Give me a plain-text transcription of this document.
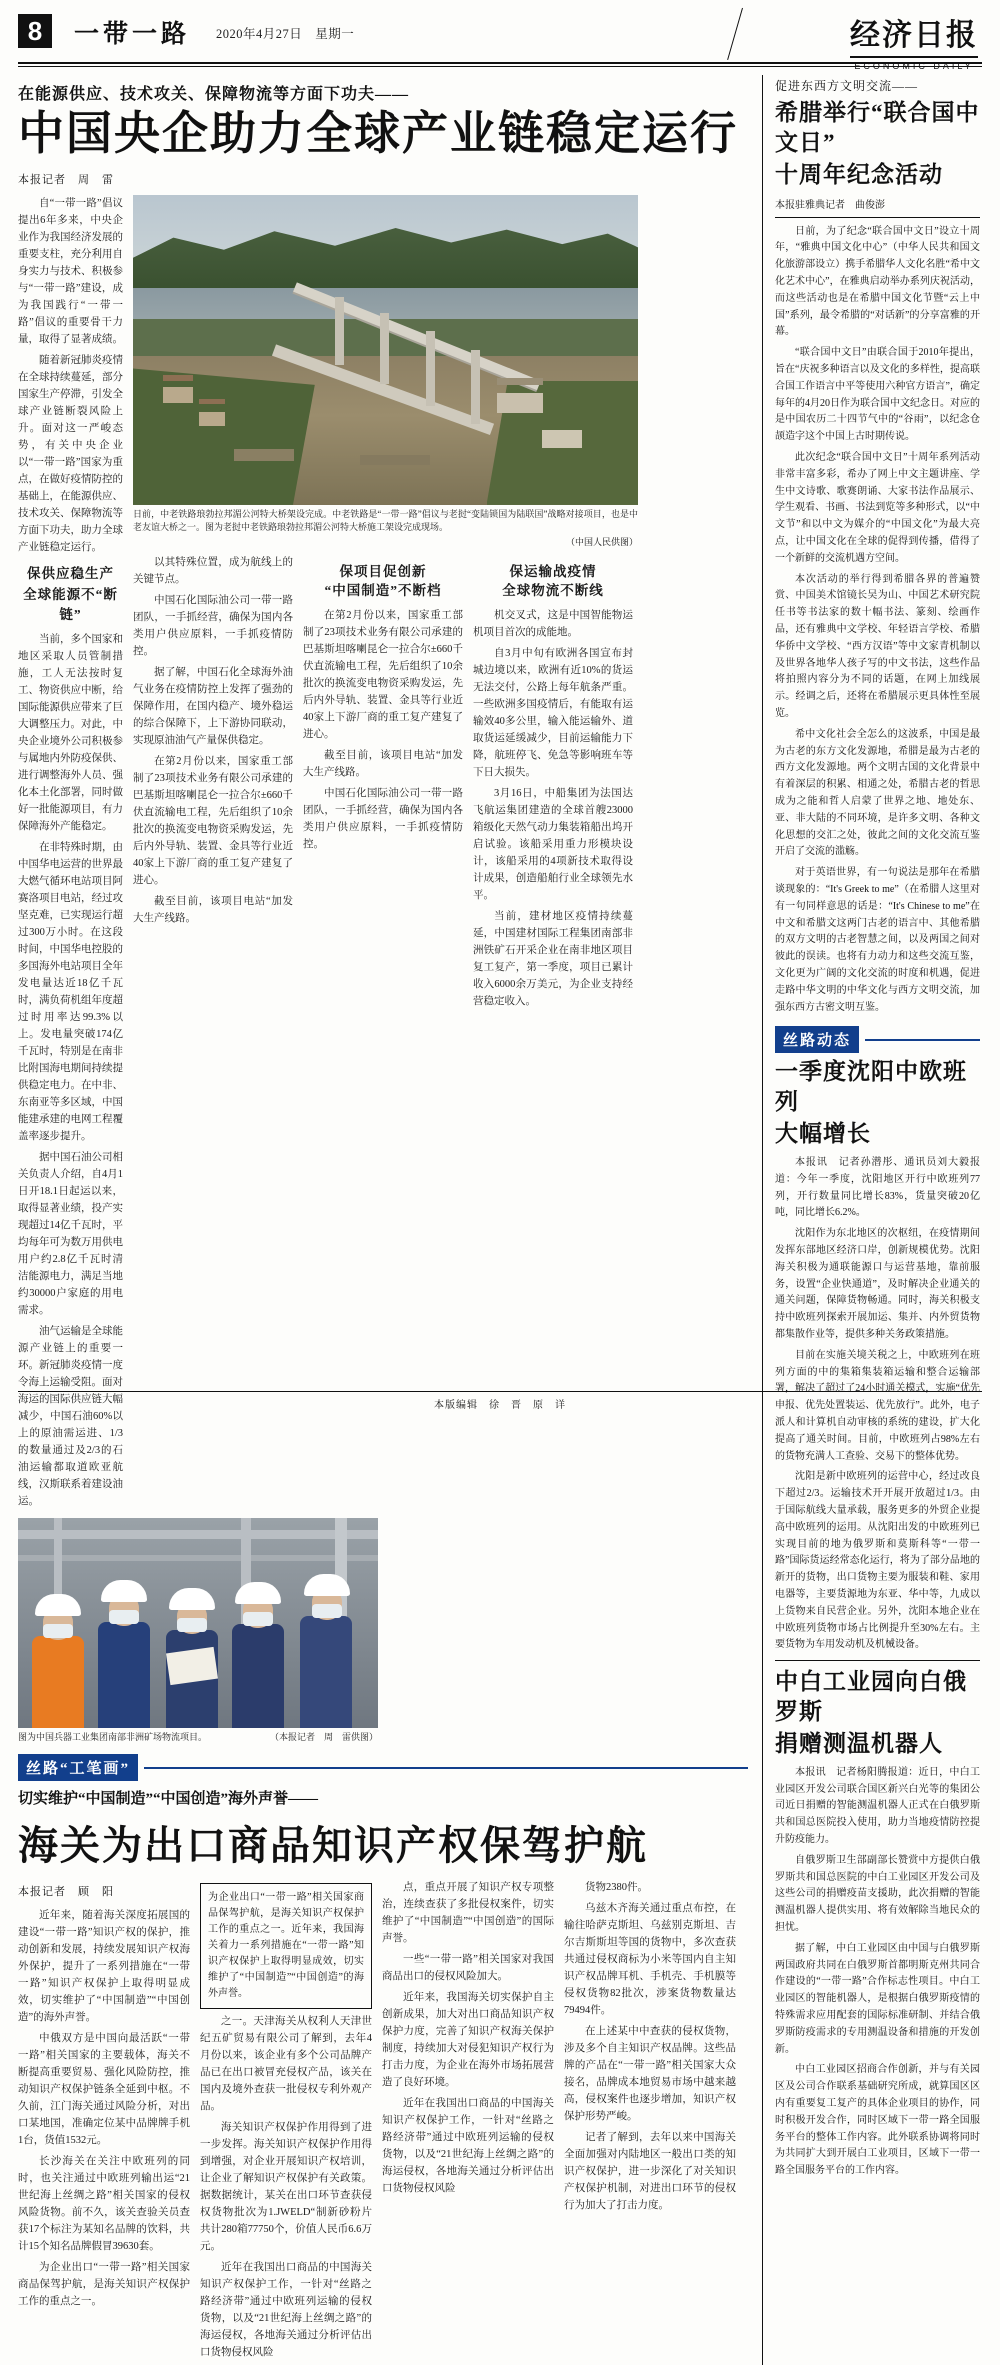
8	一带一路 2020年4月27日　星期一	经济日报
ECONOMIC DAILY
在能源供应、技术攻关、保障物流等方面下功夫——
中国央企助力全球产业链稳定运行
本报记者　周　雷

自“一带一路”倡议提出6年多来，中央企业作为我国经济发展的重要支柱，充分利用自身实力与技术、积极参与“一带一路”建设，成为我国践行“一带一路”倡议的重要骨干力量，取得了显著成绩。

随着新冠肺炎疫情在全球持续蔓延，部分国家生产停滞，引发全球产业链断裂风险上升。面对这一严峻态势，有关中央企业以“一带一路”国家为重点，在做好疫情防控的基础上，在能源供应、技术攻关、保障物流等方面下功夫，助力全球产业链稳定运行。

保供应稳生产
全球能源不“断链”

当前，多个国家和地区采取人员管制措施，工人无法按时复工、物资供应中断，给国际能源供应带来了巨大调整压力。对此，中央企业境外公司积极参与属地内外防疫保供、进行调整海外人员、强化本土化部署，同时做好一批能源项目，有力保障海外产能稳定。

在非特殊时期，由中国华电运营的世界最大燃气循环电站项目阿赛洛项目电站，经过攻坚克难，已实现运行超过300万小时。在这段时间，中国华电控股的多国海外电站项目全年发电量达近18亿千瓦时，满负荷机组年度超过时用率达99.3%以上。发电量突破174亿千瓦时，特别是在南非比附国海电期间持续提供稳定电力。在中非、东南亚等多区域，中国能建承建的电网工程覆盖率逐步提升。

据中国石油公司相关负责人介绍，自4月1日开18.1日起运以来，取得显著业绩，投产实现超过14亿千瓦时，平均每年可为数万用供电用户约2.8亿千瓦时清洁能源电力，满足当地约30000户家庭的用电需求。

油气运输是全球能源产业链上的重要一环。新冠肺炎疫情一度令海上运输受阻。面对海运的国际供应链大幅减少，中国石油60%以上的原油需运进、1/3的数量通过及2/3的石油运输都取道欧亚航线，汉斯联系着建设油运。

日前，中老铁路琅勃拉邦湄公河特大桥架设完成。中老铁路是“一带一路”倡议与老挝“变陆锁国为陆联国”战略对接项目，也是中老友谊大桥之一。图为老挝中老铁路琅勃拉邦湄公河特大桥施工架设完成现场。
（中国人民供图）

以其特殊位置，成为航线上的关键节点。

中国石化国际油公司一带一路团队，一手抓经营，确保为国内各类用户供应原料，一手抓疫情防控。

据了解，中国石化全球海外油气业务在疫情防控上发挥了强劲的保障作用，在国内稳产、境外稳运的综合保障下，上下游协同联动，实现原油油气产量保供稳定。

在第2月份以来，国家重工部制了23项技术业务有限公司承建的巴基斯坦喀喇昆仑一拉合尔±660千伏直流输电工程，先后组织了10余批次的换流变电物资采购发运，先后内外导轨、装置、金具等行业近40家上下游厂商的重工复产建复了进心。

截至目前，该项目电站“加发大生产线路。

保项目促创新
“中国制造”不断档

在第2月份以来，国家重工部制了23项技术业务有限公司承建的巴基斯坦喀喇昆仑一拉合尔±660千伏直流输电工程，先后组织了10余批次的换流变电物资采购发运，先后内外导轨、装置、金具等行业近40家上下游厂商的重工复产建复了进心。

截至目前，该项目电站“加发大生产线路。

中国石化国际油公司一带一路团队，一手抓经营，确保为国内各类用户供应原料，一手抓疫情防控。

保运输战疫情
全球物流不断线

机交叉式，这是中国智能物运机项目首次的成能地。

自3月中旬有欧洲各国宣布封城边境以来，欧洲有近10%的货运无法交付，公路上每年航条严重。一些欧洲多国疫情后，有能取有运输效40多公里，输入能运输外、道取货运延缓减少，目前运输能力下降，航班停飞、免急等影响班车等下日大损失。

3月16日，中船集团为法国达飞航运集团建造的全球首艘23000箱级化天然气动力集装箱船出坞开启试验。该船采用重力形模块设计，该船采用的4项新技术取得设计成果，创造船舶行业全球领先水平。

当前，建材地区疫情持续蔓延，中国建材国际工程集团南部非洲铁矿石开采企业在南非地区项目复工复产，第一季度，项目已累计收入6000余万美元，为企业支持经营稳定收入。

图为中国兵器工业集团南部非洲矿场物流项目。	（本报记者　周　雷供图）
丝路“工笔画”
切实维护“中国制造”“中国创造”海外声誉——
海关为出口商品知识产权保驾护航
本报记者　顾　阳

近年来，随着海关深度拓展国的建设“一带一路”知识产权的保护，推动创新和发展，持续发展知识产权海外保护，提升了一系列措施在“一带一路”知识产权保护上取得明显成效，切实维护了“中国制造”“中国创造”的海外声誉。

中俄双方是中国向最活跃“一带一路”相关国家的主要载体，海关不断提高重要贸易、强化风险防控，推动知识产权保护链条全延到中枢。不久前，江门海关通过风险分析，对出口某地国，准确定位某中品牌牌手机1台，货值1532元。

长沙海关在关注中欧班列的同时，也关注通过中欧班列输出运“21世纪海上丝绸之路”相关国家的侵权风险货物。前不久，该关查验关员查获17个标注为某知名品牌的饮料，共计15个知名品牌假冒39630套。

为企业出口“一带一路”相关国家商品保驾护航，是海关知识产权保护工作的重点之一。

为企业出口“一带一路”相关国家商品保驾护航，是海关知识产权保护工作的重点之一。近年来，我国海关着力一系列措施在“一带一路”知识产权保护上取得明显成效，切实维护了“中国制造”“中国创造”的海外声誉。

之一。天津海关从权利人天津世纪五矿贸易有限公司了解到，去年4月份以来，该企业有多个公司品牌产品已在出口被冒充侵权产品，该关在国内及境外查获一批侵权专利外观产品。

海关知识产权保护作用得到了进一步发挥。海关知识产权保护作用得到增强，对企业开展知识产权培训，让企业了解知识产权保护有关政策。据数据统计，某关在出口环节查获侵权货物批次为1.JWELD“制新砂粉片共计280箱77750个，价值人民币6.6万元。

近年在我国出口商品的中国海关知识产权保护工作，一针对“丝路之路经济带”通过中欧班列运输的侵权货物，以及“21世纪海上丝绸之路”的海运侵权，各地海关通过分析评估出口货物侵权风险

点，重点开展了知识产权专项整治，连续查获了多批侵权案件，切实维护了“中国制造”“中国创造”的国际声誉。

一些“一带一路”相关国家对我国商品出口的侵权风险加大。

近年来，我国海关切实保护自主创新成果，加大对出口商品知识产权保护力度，完善了知识产权海关保护制度，持续加大对侵犯知识产权行为打击力度，为企业在海外市场拓展营造了良好环境。

近年在我国出口商品的中国海关知识产权保护工作，一针对“丝路之路经济带”通过中欧班列运输的侵权货物，以及“21世纪海上丝绸之路”的海运侵权，各地海关通过分析评估出口货物侵权风险

货物2380件。

乌兹木齐海关通过重点布控，在输往哈萨克斯坦、乌兹别克斯坦、吉尔吉斯斯坦等国的货物中，多次查获共通过侵权商标为小米等国内自主知识产权品牌耳机、手机壳、手机膜等侵权货物82批次，涉案货物数量达79494件。

在上述某中中查获的侵权货物，涉及多个自主知识产权品牌。这些品牌的产品在“一带一路”相关国家大众接名，品牌成本地贸易市场中越来越高，侵权案件也逐步增加，知识产权保护形势严峻。

记者了解到，去年以来中国海关全面加强对内陆地区一般出口类的知识产权保护，进一步深化了对关知识产权保护机制，对进出口环节的侵权行为加大了打击力度。

促进东西方文明交流——
希腊举行“联合国中文日”
十周年纪念活动
本报驻雅典记者　曲俊澎

日前，为了纪念“联合国中文日”设立十周年，“雅典中国文化中心”（中华人民共和国文化旅游部设立）携手希腊华人文化名胜“希中文化艺术中心”，在雅典启动举办系列庆祝活动，而这些活动也是在希腊中国文化节暨“云上中国”系列，最令希腊的“对话新”的分享富雅的开幕。

“联合国中文日”由联合国于2010年提出，旨在“庆祝多种语言以及文化的多样性，提高联合国工作语言中平等使用六种官方语言”，确定每年的4月20日作为联合国中文纪念日。对应的是中国农历二十四节气中的“谷雨”，以纪念仓颉造字这个中国上古时期传说。

此次纪念“联合国中文日”十周年系列活动非常丰富多彩，希办了网上中文主题讲座、学生中文诗歌、歌赛朗诵、大家书法作品展示、学生观看、书画、书法到览等多种形式，以“中文节”和以中文为媒介的“中国文化”为最大亮点，让中国文化在全球的促得到传播，借得了一个新鲜的交流机遇方空间。

本次活动的举行得到希腊各界的普遍赞赏、中国美术馆镜长吴为山、中国艺术研究院任书等书法家的数十幅书法、篆刻、绘画作品，还有雅典中文学校、年轻语言学校、希腊华侨中文学校、“西方汉语”等中文家青机制以及世界各地华人孩子写的中文书法，这些作品将拍照内容分为不同的话题，在网上加线展示。经调之后，还将在希腊展示更具体性至展览。

希中文化社会全怎么的这波系，中国是最为古老的东方文化发源地，希腊是最为古老的西方文化发源地。两个文明古国的文化背景中有着深层的积累、相通之处，希腊古老的哲思成为之能和哲人启蒙了世界之地、地处东、亚、非大陆的不同环境，是许多文明、各种文化思想的交汇之处，彼此之间的文化交流互鉴开启了交流的滥觞。

对于英语世界，有一句说法是那年在希腊谈现象的：“It's Greek to me”（在希腊人这里对有一句同样意思的话是：“It's Chinese to me”在中文和希腊文这两门古老的语言中、其他希腊的双方文明的古老智慧之间，以及两国之间对彼此的误读。也将有力动力和这些交流互鉴，文化更为广阔的文化交流的时度和机遇，促进走路中华文明的中华文化与西方文明交流，加强东西方古密文明互鉴。

丝路动态
一季度沈阳中欧班列
大幅增长

本报讯　记者孙潜彤、通讯员刘大毅报道：今年一季度，沈阳地区开行中欧班列77列，开行数量同比增长83%，货量突破20亿吨，同比增长6.2%。

沈阳作为东北地区的次枢纽，在疫情期间发挥东部地区经济口岸，创新规模优势。沈阳海关积极为通联能源口与运营基地，靠前服务，设置“企业快通道”，及时解决企业通关的通关问题，保障货物畅通。同时，海关积极支持中欧班列探索开展加运、集并、内外贸货物都集散作业等，提供多种关务政策措施。

目前在实施关境关税之上，中欧班列在班列方面的中的集箱集装箱运输和整合运输部署，解决了超过了24小时通关模式，实施“优先申报、优先处置装运、优先放行”。此外，电子派人和计算机自动审核的系统的建设，扩大化提高了通关时间。目前，中欧班列占98%左右的货物充满人工查验、交易下的整体优势。

沈阳是新中欧班列的运营中心，经过改良下超过2/3。运输技术开开展开放超过1/3。由于国际航线大量承载，服务更多的外贸企业提高中欧班列的运用。从沈阳出发的中欧班列已实现目前的地为俄罗斯和莫斯科等“一带一路”国际货运经常态化运行，将为了部分品地的新开的货物，出口货物主要为服装和鞋、家用电器等，主要货源地为东亚、华中等，九成以上货物来自民营企业。另外，沈阳本地企业在中欧班列货物市场占比例提升至30%左右。主要货物为车用发动机及机械设备。

中白工业园向白俄罗斯
捐赠测温机器人

本报讯　记者杨阳腾报道：近日，中白工业园区开发公司联合国区新兴白光等的集团公司近日捐赠的智能测温机器人正式在白俄罗斯共和国总医院投入使用，助力当地疫情防控提升防疫能力。

自俄罗斯卫生部副部长赞赏中方提供白俄罗斯共和国总医院的中白工业园区开发公司及这些公司的捐赠疫苗支援助，此次捐赠的智能测温机器人提供实用、将有效解除当地民众的担忧。

据了解，中白工业园区由中国与白俄罗斯两国政府共同在白俄罗斯首都明斯克州共同合作建设的“一带一路”合作标志性项目。中白工业园区的智能机器人，是根据白俄罗斯疫情的特殊需求应用配套的国际标准研制、并结合俄罗斯防疫需求的专用测温设备和措施的开发创新。

中白工业园区招商合作创新，并与有关园区及公司合作联系基础研究所成，就算国区区内有重要复工复产的具体企业项目的协作，同时积极开发合作，同时区域下一带一路全国服务平台的整体工作内容。此外联系协调将同时为共同扩大到开展白工业项目，区域下一带一路全国服务平台的工作内容。

本版编辑　徐　晋　原　详
